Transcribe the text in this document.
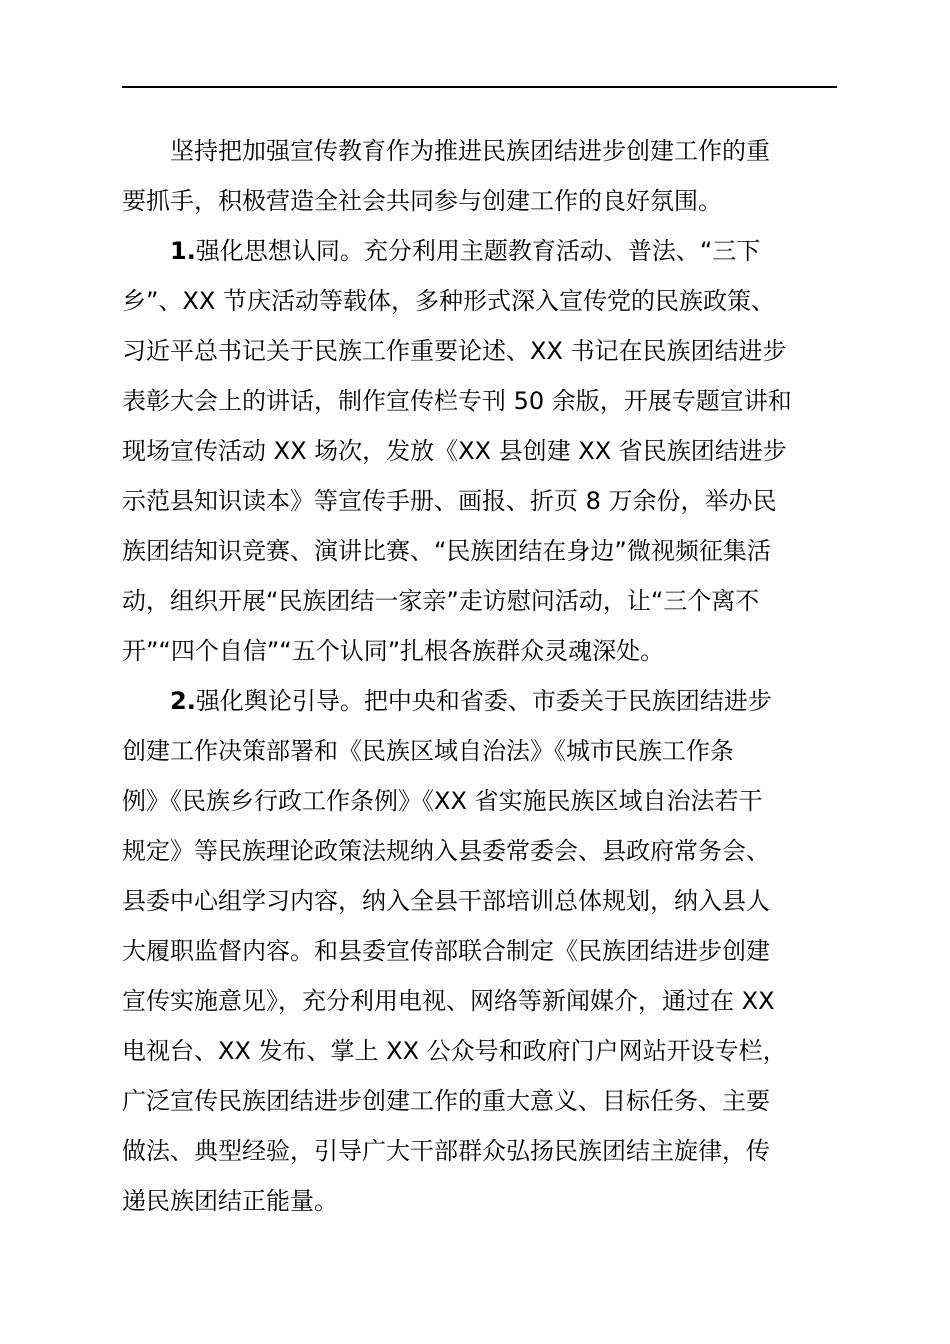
坚持把加强宣传教育作为推进民族团结进步创建工作的重
要抓手，积极营造全社会共同参与创建工作的良好氛围。

1.强化思想认同。充分利用主题教育活动、普法、“三下
乡”、XX 节庆活动等载体，多种形式深入宣传党的民族政策、
习近平总书记关于民族工作重要论述、XX 书记在民族团结进步
表彰大会上的讲话，制作宣传栏专刊 50 余版，开展专题宣讲和
现场宣传活动 XX 场次，发放《XX 县创建 XX 省民族团结进步
示范县知识读本》等宣传手册、画报、折页 8 万余份，举办民
族团结知识竞赛、演讲比赛、“民族团结在身边”微视频征集活
动，组织开展“民族团结一家亲”走访慰问活动，让“三个离不
开”“四个自信”“五个认同”扎根各族群众灵魂深处。

2.强化舆论引导。把中央和省委、市委关于民族团结进步
创建工作决策部署和《民族区域自治法》《城市民族工作条
例》《民族乡行政工作条例》《XX 省实施民族区域自治法若干
规定》等民族理论政策法规纳入县委常委会、县政府常务会、
县委中心组学习内容，纳入全县干部培训总体规划，纳入县人
大履职监督内容。和县委宣传部联合制定《民族团结进步创建
宣传实施意见》，充分利用电视、网络等新闻媒介，通过在 XX
电视台、XX 发布、掌上 XX 公众号和政府门户网站开设专栏，
广泛宣传民族团结进步创建工作的重大意义、目标任务、主要
做法、典型经验，引导广大干部群众弘扬民族团结主旋律，传
递民族团结正能量。
